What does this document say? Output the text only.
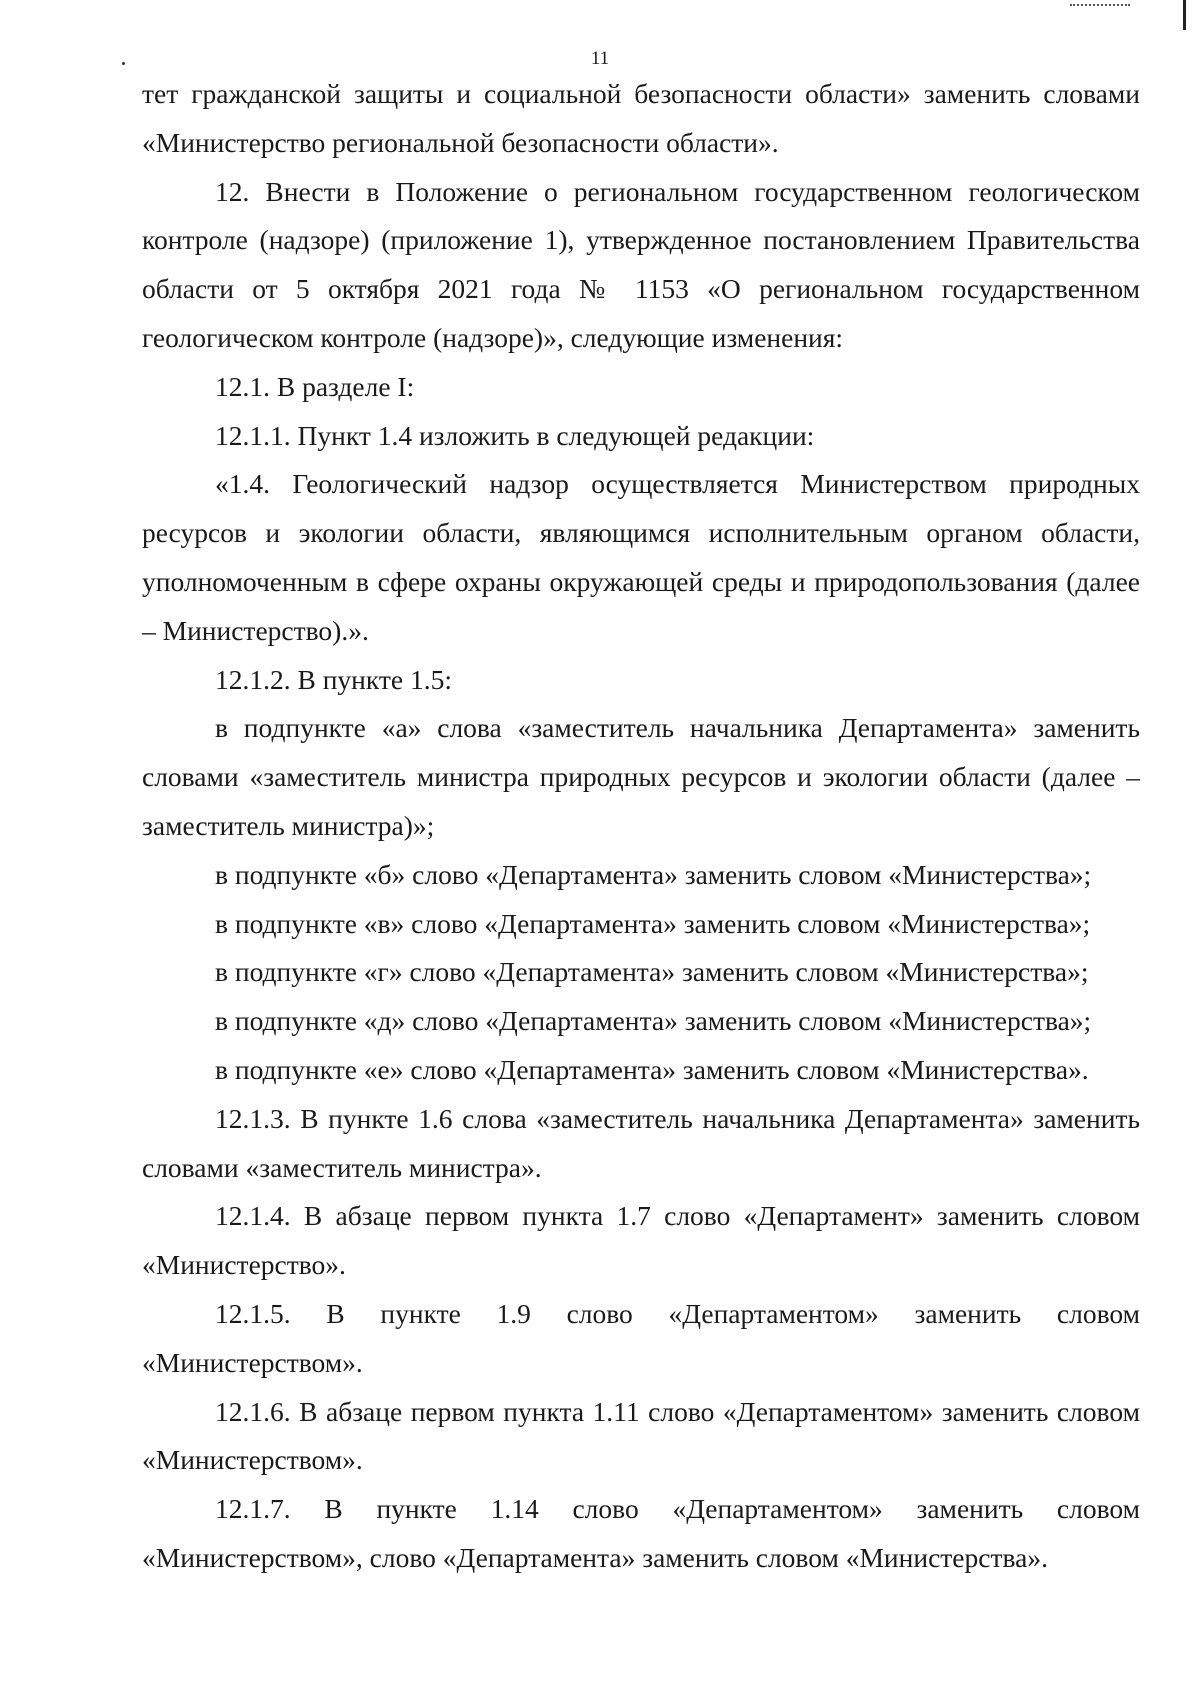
11

тет гражданской защиты и социальной безопасности области» заменить словами «Министерство региональной безопасности области».

12. Внести в Положение о региональном государственном геологическом контроле (надзоре) (приложение 1), утвержденное постановлением Правительства области от 5 октября 2021 года № 1153 «О региональном государственном геологическом контроле (надзоре)», следующие изменения:

12.1. В разделе I:

12.1.1. Пункт 1.4 изложить в следующей редакции:

«1.4. Геологический надзор осуществляется Министерством природных ресурсов и экологии области, являющимся исполнительным органом области, уполномоченным в сфере охраны окружающей среды и природопользования (далее – Министерство).».

12.1.2. В пункте 1.5:

в подпункте «а» слова «заместитель начальника Департамента» заменить словами «заместитель министра природных ресурсов и экологии области (далее – заместитель министра)»;

в подпункте «б» слово «Департамента» заменить словом «Министерства»;

в подпункте «в» слово «Департамента» заменить словом «Министерства»;

в подпункте «г» слово «Департамента» заменить словом «Министерства»;

в подпункте «д» слово «Департамента» заменить словом «Министерства»;

в подпункте «е» слово «Департамента» заменить словом «Министерства».

12.1.3. В пункте 1.6 слова «заместитель начальника Департамента» заменить словами «заместитель министра».

12.1.4. В абзаце первом пункта 1.7 слово «Департамент» заменить словом «Министерство».

12.1.5. В пункте 1.9 слово «Департаментом» заменить словом «Министерством».

12.1.6. В абзаце первом пункта 1.11 слово «Департаментом» заменить словом «Министерством».

12.1.7. В пункте 1.14 слово «Департаментом» заменить словом «Министерством», слово «Департамента» заменить словом «Министерства».
